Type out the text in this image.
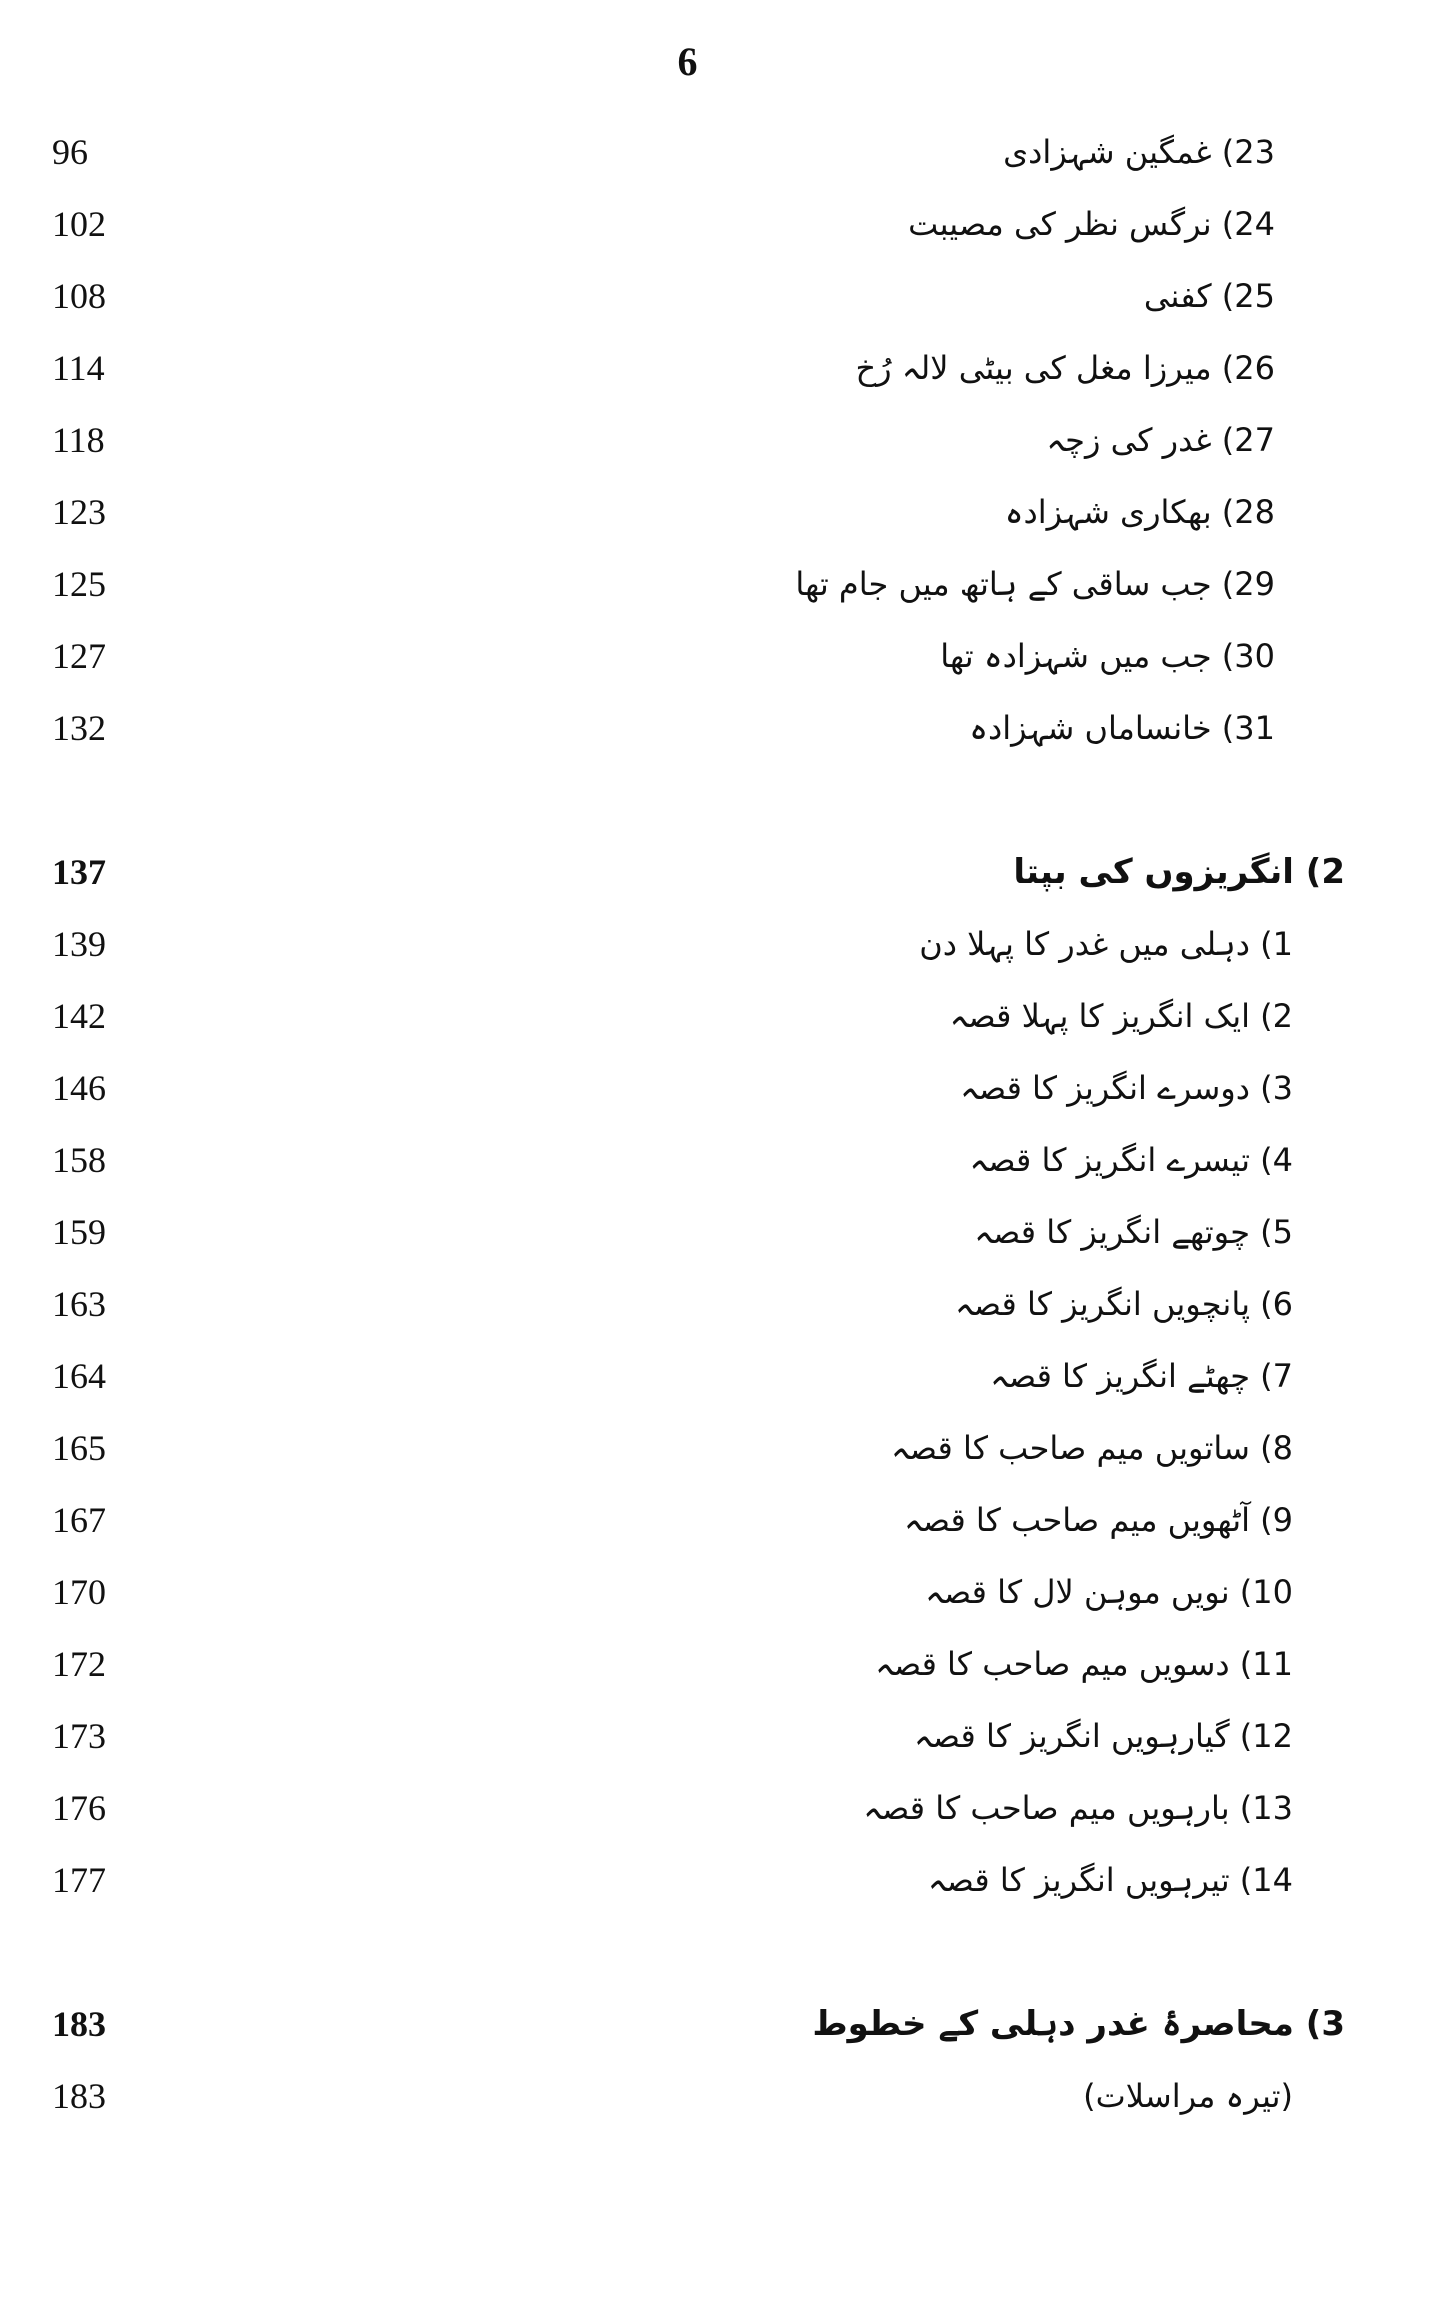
6
23) غمگین شہزادی
96
24) نرگس نظر کی مصیبت
102
25) کفنی
108
26) میرزا مغل کی بیٹی لالہ رُخ
114
27) غدر کی زچہ
118
28) بھکاری شہزادہ
123
29) جب ساقی کے ہاتھ میں جام تھا
125
30) جب میں شہزادہ تھا
127
31) خانساماں شہزادہ
132
2) انگریزوں کی بپتا
137
1) دہلی میں غدر کا پہلا دن
139
2) ایک انگریز کا پہلا قصہ
142
3) دوسرے انگریز کا قصہ
146
4) تیسرے انگریز کا قصہ
158
5) چوتھے انگریز کا قصہ
159
6) پانچویں انگریز کا قصہ
163
7) چھٹے انگریز کا قصہ
164
8) ساتویں میم صاحب کا قصہ
165
9) آٹھویں میم صاحب کا قصہ
167
10) نویں موہن لال کا قصہ
170
11) دسویں میم صاحب کا قصہ
172
12) گیارہویں انگریز کا قصہ
173
13) بارہویں میم صاحب کا قصہ
176
14) تیرہویں انگریز کا قصہ
177
3) محاصرۂ غدر دہلی کے خطوط
183
(تیرہ مراسلات)
183
